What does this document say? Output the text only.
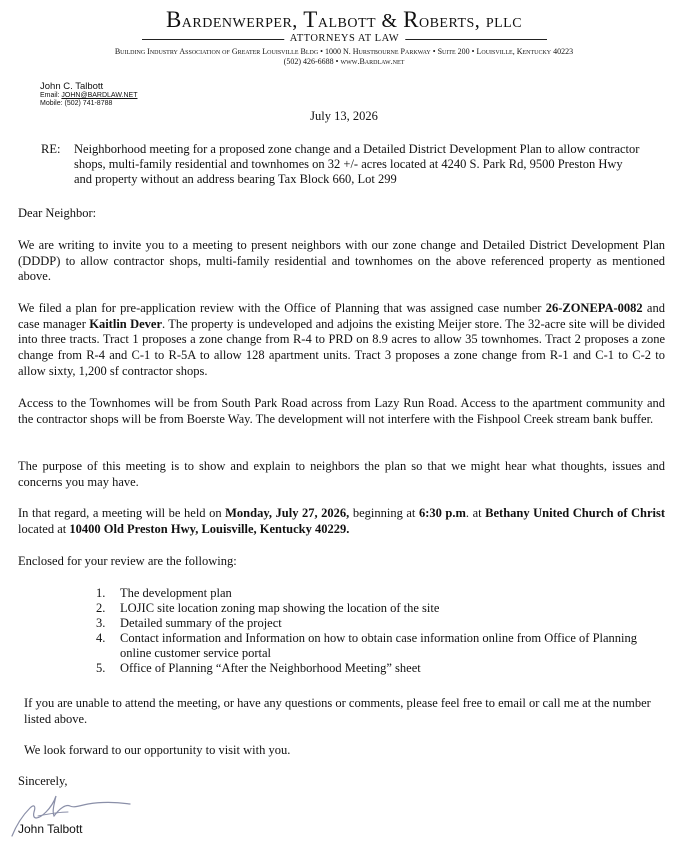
Bardenwerper, Talbott & Roberts, pllc
ATTORNEYS AT LAW
Building Industry Association of Greater Louisville Bldg • 1000 N. Hurstbourne Parkway • Suite 200 • Louisville, Kentucky 40223
(502) 426-6688 • www.Bardlaw.net
John C. Talbott
Email: JOHN@BARDLAW.NET
Mobile: (502) 741-8788
July 13, 2026
RE: Neighborhood meeting for a proposed zone change and a Detailed District Development Plan to allow contractor shops, multi-family residential and townhomes on 32 +/- acres located at 4240 S. Park Rd, 9500 Preston Hwy and property without an address bearing Tax Block 660, Lot 299
Dear Neighbor:
We are writing to invite you to a meeting to present neighbors with our zone change and Detailed District Development Plan (DDDP) to allow contractor shops, multi-family residential and townhomes on the above referenced property as mentioned above.
We filed a plan for pre-application review with the Office of Planning that was assigned case number 26-ZONEPA-0082 and case manager Kaitlin Dever. The property is undeveloped and adjoins the existing Meijer store. The 32-acre site will be divided into three tracts. Tract 1 proposes a zone change from R-4 to PRD on 8.9 acres to allow 35 townhomes. Tract 2 proposes a zone change from R-4 and C-1 to R-5A to allow 128 apartment units. Tract 3 proposes a zone change from R-1 and C-1 to C-2 to allow sixty, 1,200 sf contractor shops.
Access to the Townhomes will be from South Park Road across from Lazy Run Road. Access to the apartment community and the contractor shops will be from Boerste Way. The development will not interfere with the Fishpool Creek stream bank buffer.
The purpose of this meeting is to show and explain to neighbors the plan so that we might hear what thoughts, issues and concerns you may have.
In that regard, a meeting will be held on Monday, July 27, 2026, beginning at 6:30 p.m. at Bethany United Church of Christ located at 10400 Old Preston Hwy, Louisville, Kentucky 40229.
Enclosed for your review are the following:
1. The development plan
2. LOJIC site location zoning map showing the location of the site
3. Detailed summary of the project
4. Contact information and Information on how to obtain case information online from Office of Planning online customer service portal
5. Office of Planning “After the Neighborhood Meeting” sheet
If you are unable to attend the meeting, or have any questions or comments, please feel free to email or call me at the number listed above.
We look forward to our opportunity to visit with you.
Sincerely,
John Talbott
